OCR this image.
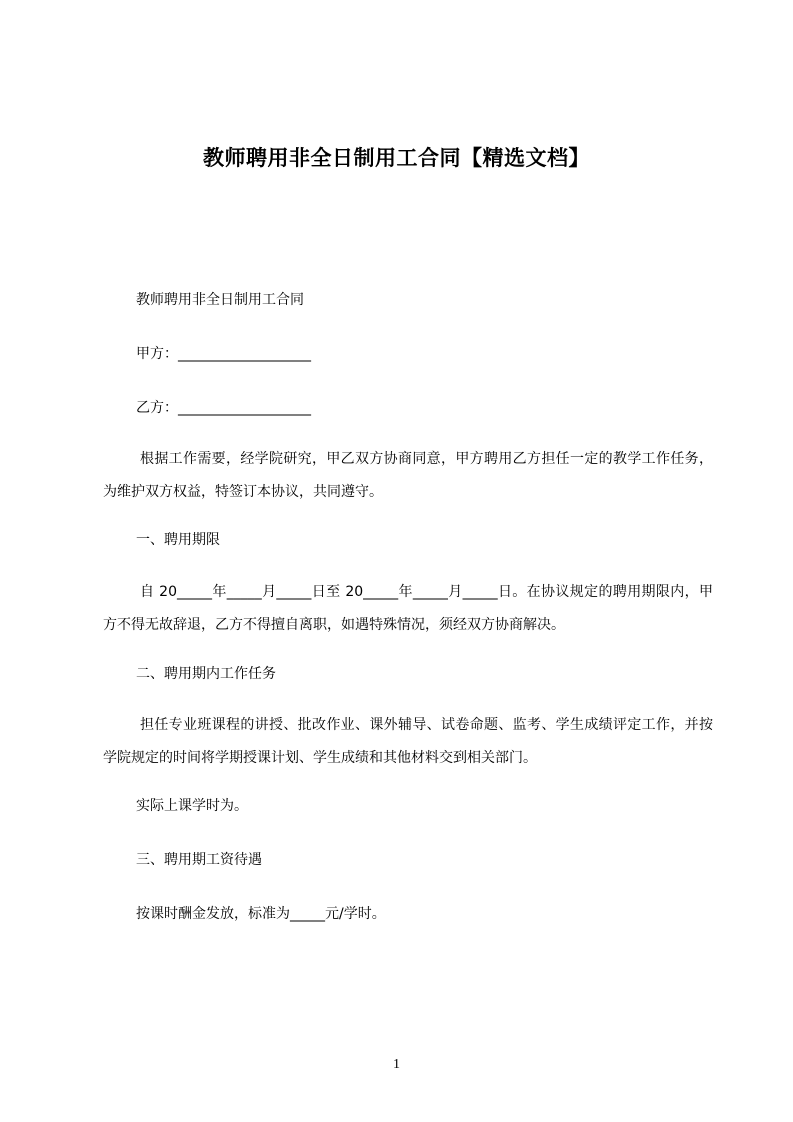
教师聘用非全日制用工合同【精选文档】
教师聘用非全日制用工合同
甲方：___________________
乙方：___________________
根据工作需要，经学院研究，甲乙双方协商同意，甲方聘用乙方担任一定的教学工作任务，为维护双方权益，特签订本协议，共同遵守。
一、聘用期限
自 20_____年_____月_____日至 20_____年_____月_____日。在协议规定的聘用期限内，甲方不得无故辞退，乙方不得擅自离职，如遇特殊情况，须经双方协商解决。
二、聘用期内工作任务
担任专业班课程的讲授、批改作业、课外辅导、试卷命题、监考、学生成绩评定工作，并按学院规定的时间将学期授课计划、学生成绩和其他材料交到相关部门。
实际上课学时为。
三、聘用期工资待遇
按课时酬金发放，标准为_____元/学时。
1
